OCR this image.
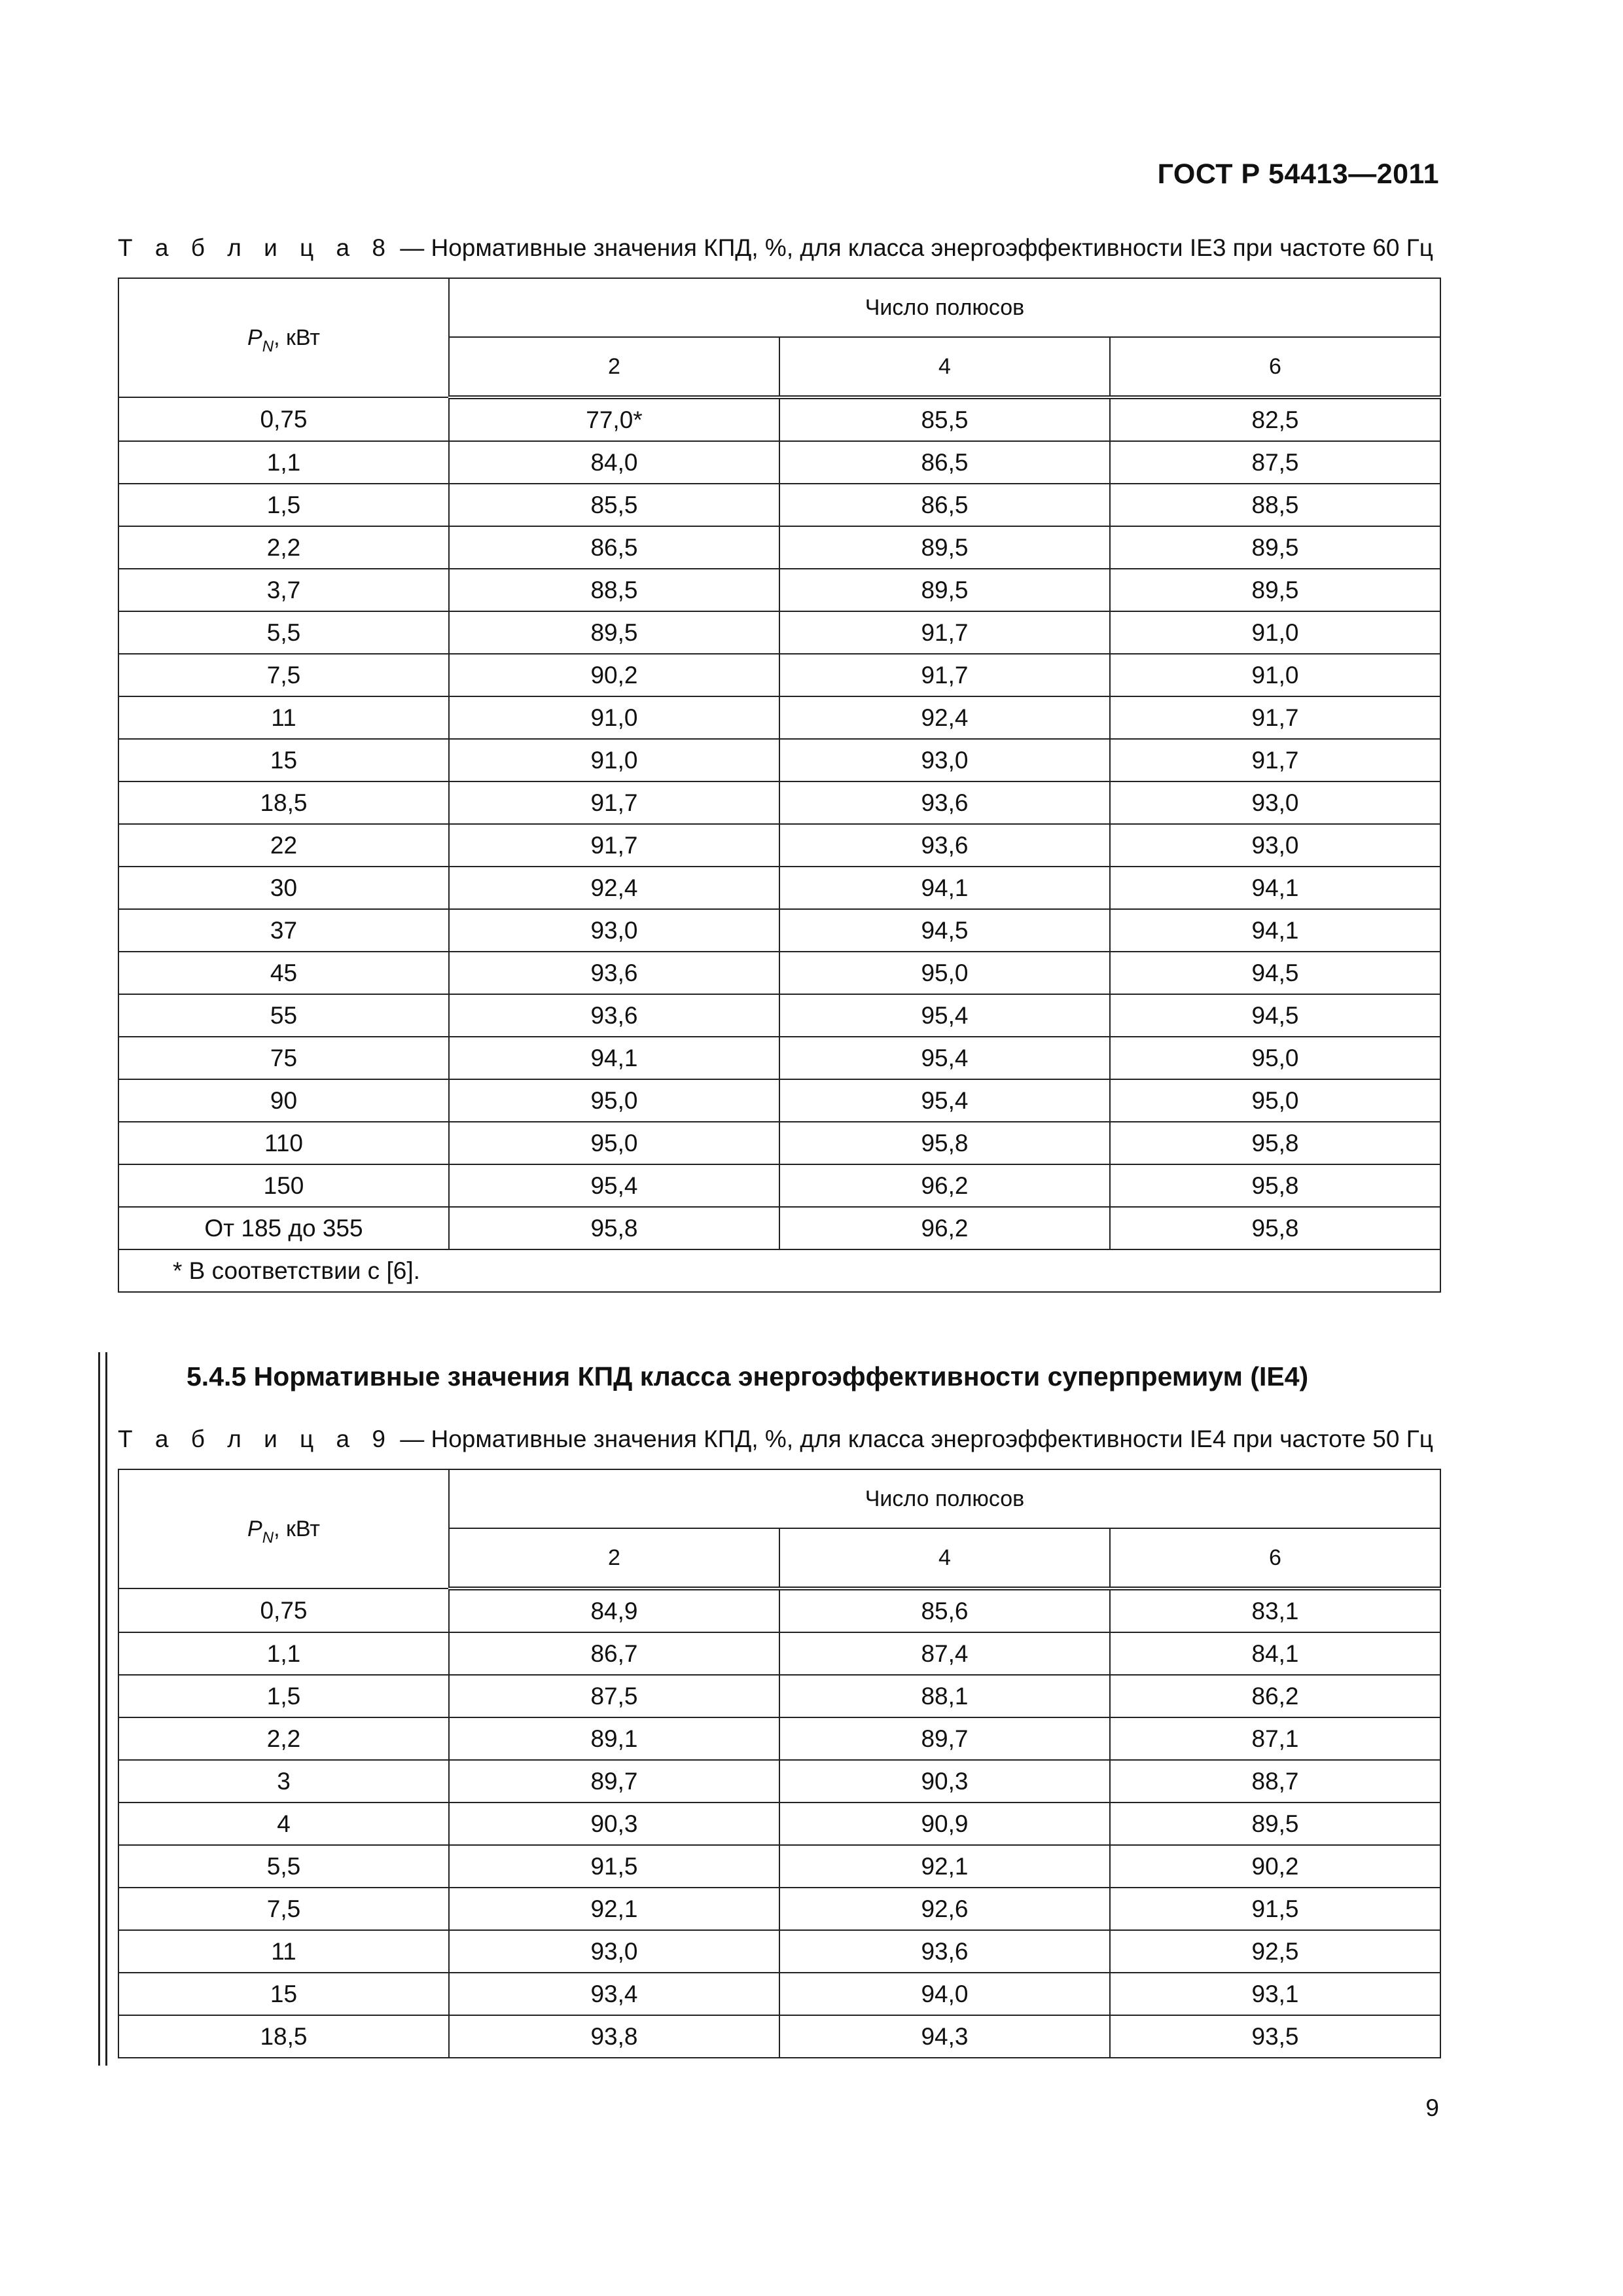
ГОСТ Р 54413—2011
Т а б л и ц а 8 — Нормативные значения КПД, %, для класса энергоэффективности IE3 при частоте 60 Гц
$P_N$, кВт	Число полюсов		
	2	4	6
0,75	77,0*	85,5	82,5
1,1	84,0	86,5	87,5
1,5	85,5	86,5	88,5
2,2	86,5	89,5	89,5
3,7	88,5	89,5	89,5
5,5	89,5	91,7	91,0
7,5	90,2	91,7	91,0
11	91,0	92,4	91,7
15	91,0	93,0	91,7
18,5	91,7	93,6	93,0
22	91,7	93,6	93,0
30	92,4	94,1	94,1
37	93,0	94,5	94,1
45	93,6	95,0	94,5
55	93,6	95,4	94,5
75	94,1	95,4	95,0
90	95,0	95,4	95,0
110	95,0	95,8	95,8
150	95,4	96,2	95,8
От 185 до 355	95,8	96,2	95,8
* В соответствии с [6].			
5.4.5 Нормативные значения КПД класса энергоэффективности суперпремиум (IE4)
Т а б л и ц а 9 — Нормативные значения КПД, %, для класса энергоэффективности IE4 при частоте 50 Гц
$P_N$, кВт	Число полюсов		
	2	4	6
0,75	84,9	85,6	83,1
1,1	86,7	87,4	84,1
1,5	87,5	88,1	86,2
2,2	89,1	89,7	87,1
3	89,7	90,3	88,7
4	90,3	90,9	89,5
5,5	91,5	92,1	90,2
7,5	92,1	92,6	91,5
11	93,0	93,6	92,5
15	93,4	94,0	93,1
18,5	93,8	94,3	93,5
9
